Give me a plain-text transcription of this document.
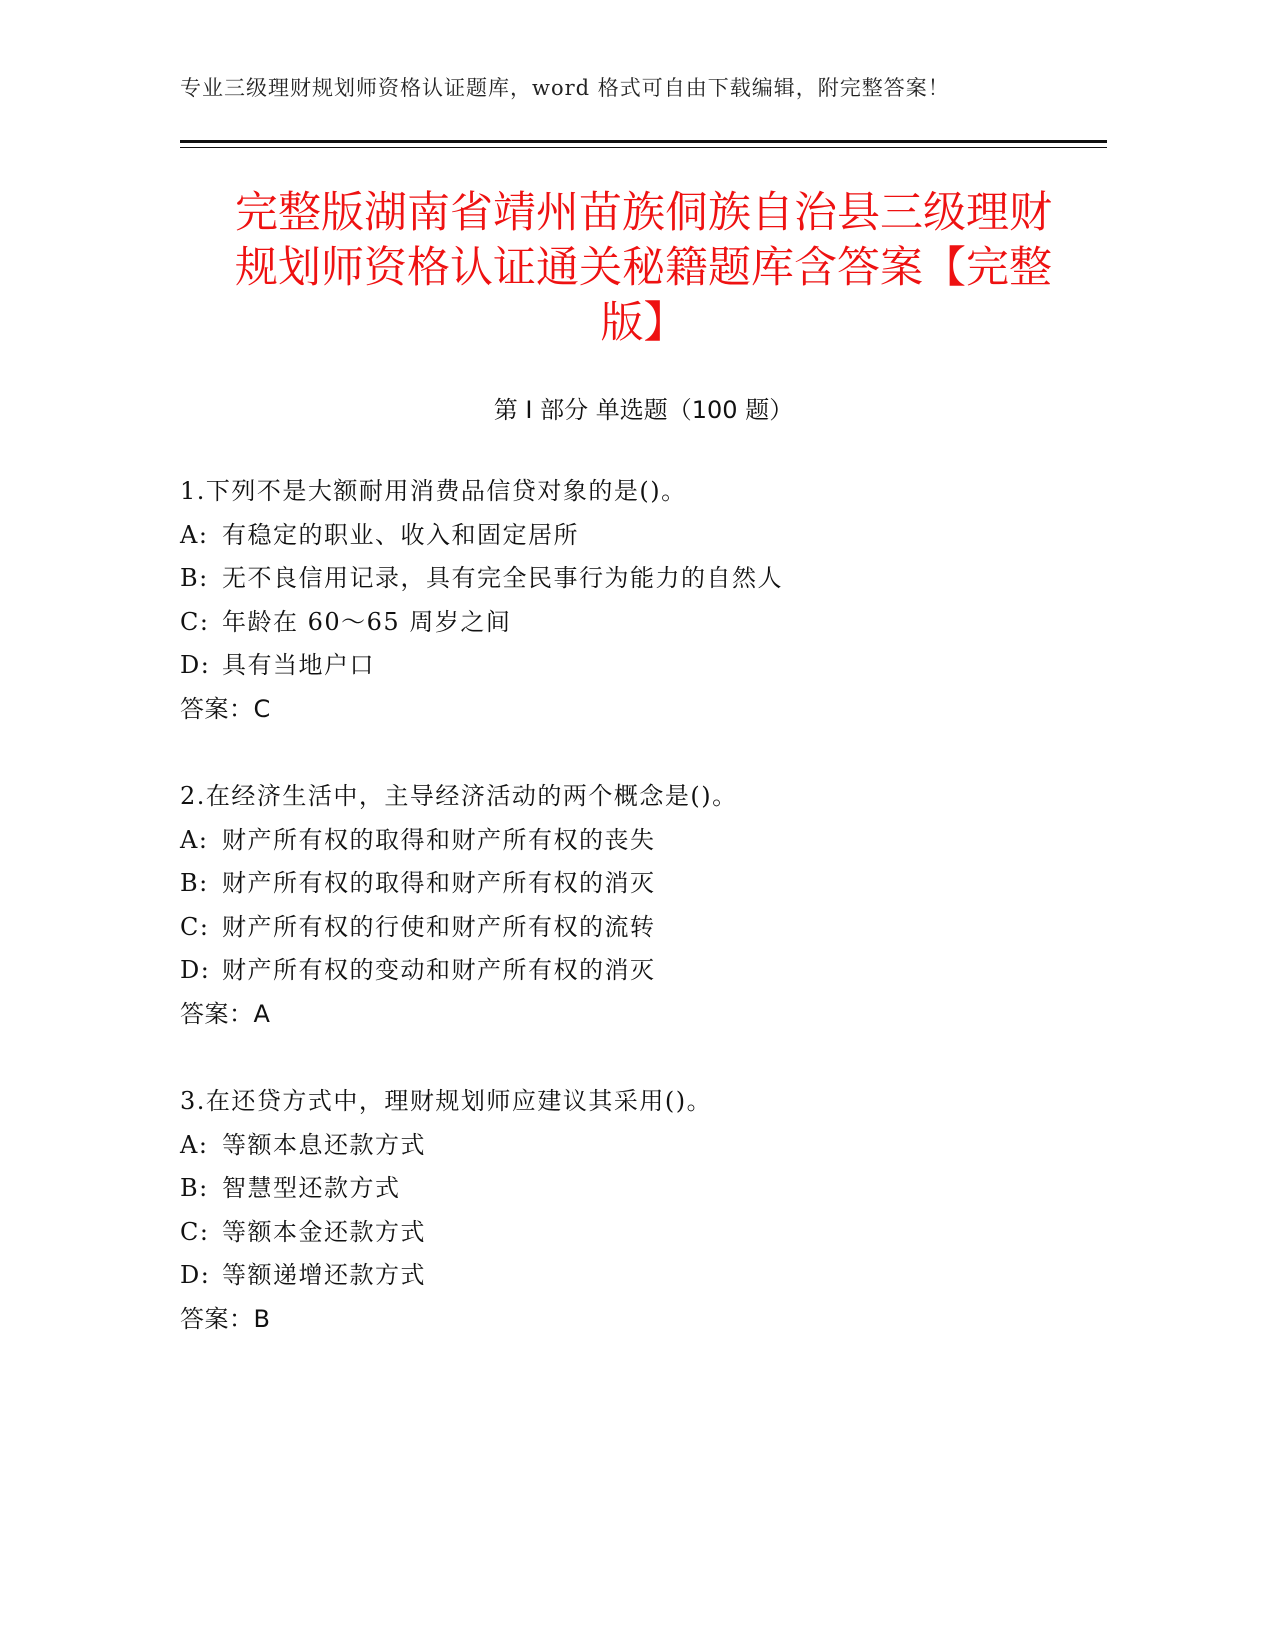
专业三级理财规划师资格认证题库，word 格式可自由下载编辑，附完整答案！
完整版湖南省靖州苗族侗族自治县三级理财
规划师资格认证通关秘籍题库含答案【完整
版】
第 I 部分 单选题（100 题）
1.下列不是大额耐用消费品信贷对象的是()。
A: 有稳定的职业、收入和固定居所
B: 无不良信用记录，具有完全民事行为能力的自然人
C: 年龄在 60～65 周岁之间
D: 具有当地户口
答案：C
2.在经济生活中，主导经济活动的两个概念是()。
A: 财产所有权的取得和财产所有权的丧失
B: 财产所有权的取得和财产所有权的消灭
C: 财产所有权的行使和财产所有权的流转
D: 财产所有权的变动和财产所有权的消灭
答案：A
3.在还贷方式中，理财规划师应建议其采用()。
A: 等额本息还款方式
B: 智慧型还款方式
C: 等额本金还款方式
D: 等额递增还款方式
答案：B
